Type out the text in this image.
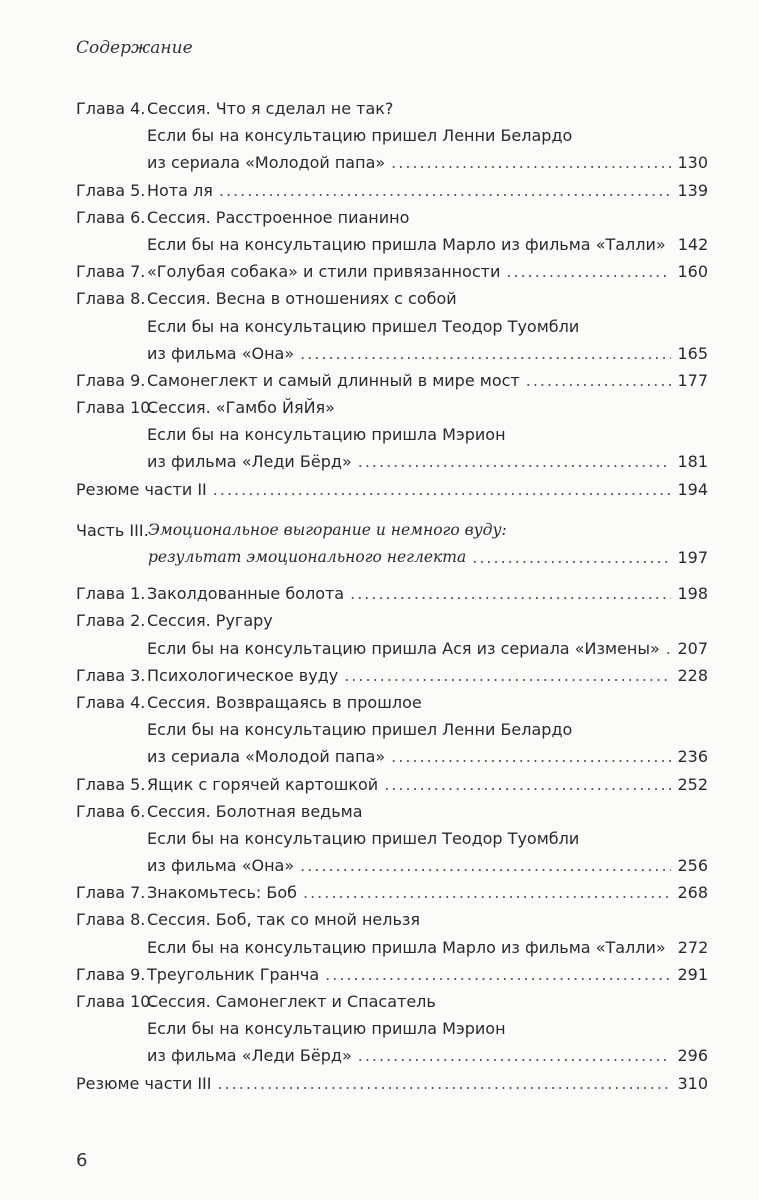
Содержание
Глава 4. Сессия. Что я сделал не так?
Если бы на консультацию пришел Ленни Белардо
из сериала «Молодой папа» .....	130
Глава 5. Нота ля .....	139
Глава 6. Сессия. Расстроенное пианино
Если бы на консультацию пришла Марло из фильма «Талли» 142
Глава 7. «Голубая собака» и стили привязанности .....	160
Глава 8. Сессия. Весна в отношениях с собой
Если бы на консультацию пришел Теодор Туомбли
из фильма «Она» .....	165
Глава 9. Самонеглект и самый длинный в мире мост .....	177
Глава 10.
Сессия. «Гамбо ЙяЙя»
Если бы на консультацию пришла Мэрион
из фильма «Леди Бёрд» .....	181
Резюме части II .....	194
Часть III. Эмоциональное выгорание и немного вуду:
результат эмоционального неглекта .....	197
Глава 1. Заколдованные болота .....	198
Глава 2. Сессия. Ругару
Если бы на консультацию пришла Ася из сериала «Измены» ..... 207
Глава 3. Психологическое вуду .....	228
Глава 4. Сессия. Возвращаясь в прошлое
Если бы на консультацию пришел Ленни Белардо
из сериала «Молодой папа» .....	236
Глава 5. Ящик с горячей картошкой .....	252
Глава 6. Сессия. Болотная ведьма
Если бы на консультацию пришел Теодор Туомбли
из фильма «Она» .....	256
Глава 7. Знакомьтесь: Боб .....	268
Глава 8. Сессия. Боб, так со мной нельзя
Если бы на консультацию пришла Марло из фильма «Талли» 272
Глава 9. Треугольник Гранча .....	291
Глава 10.
Сессия. Самонеглект и Спасатель
Если бы на консультацию пришла Мэрион
из фильма «Леди Бёрд» .....	296
Резюме части III .....	310
6
